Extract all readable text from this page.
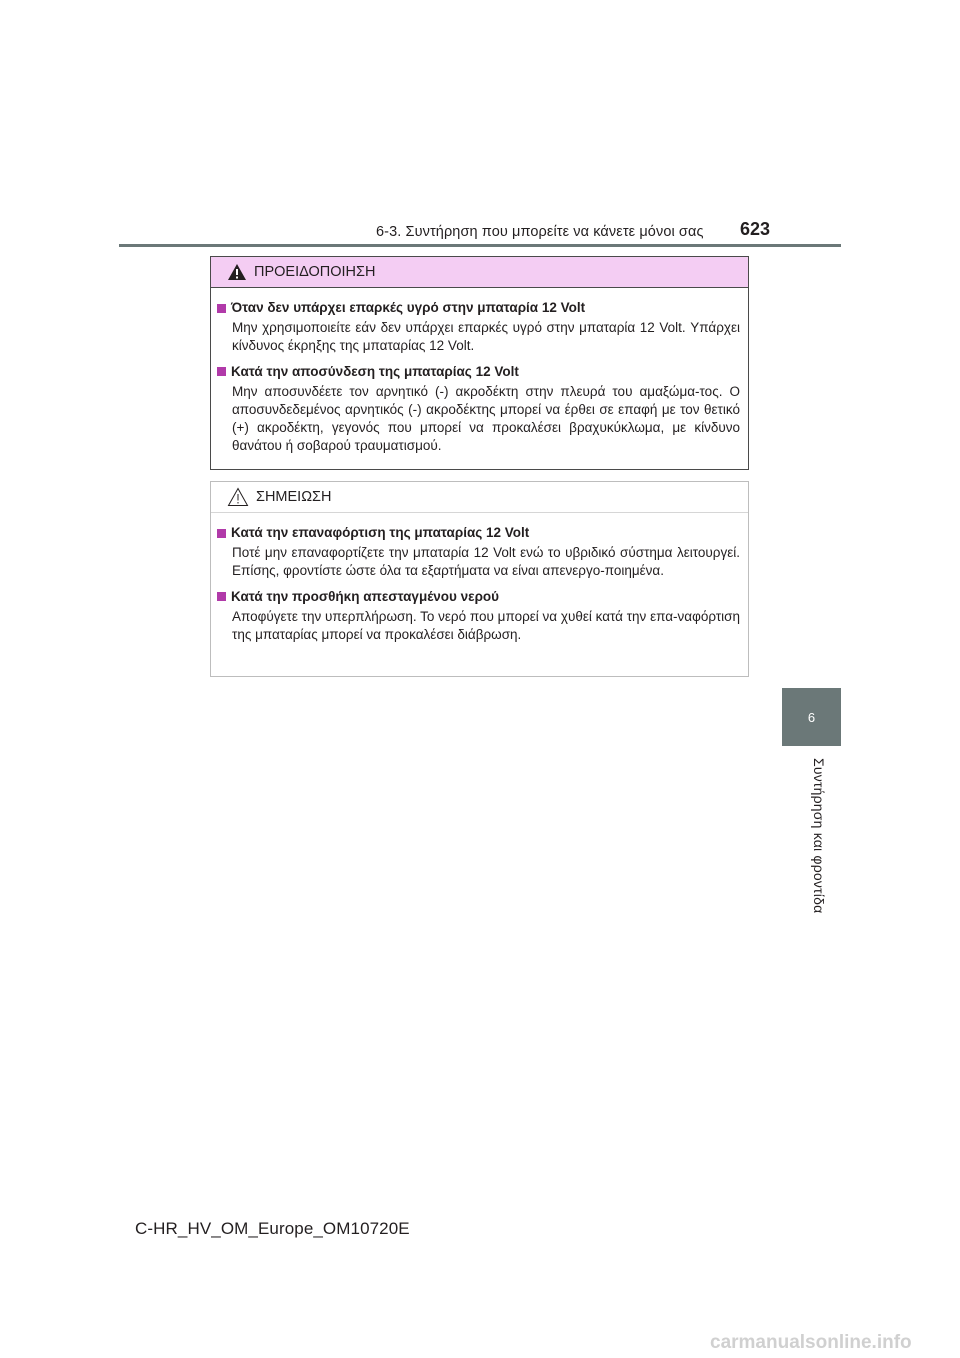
6-3. Συντήρηση που μπορείτε να κάνετε μόνοι σας 623
6
Συντήρηση και φροντίδα
ΠΡΟΕΙΔΟΠΟΙΗΣΗ
Όταν δεν υπάρχει επαρκές υγρό στην μπαταρία 12 Volt
Μην χρησιμοποιείτε εάν δεν υπάρχει επαρκές υγρό στην μπαταρία 12 Volt. Υπάρχει κίνδυνος έκρηξης της μπαταρίας 12 Volt.
Κατά την αποσύνδεση της μπαταρίας 12 Volt
Μην αποσυνδέετε τον αρνητικό (-) ακροδέκτη στην πλευρά του αμαξώμα-τος. Ο αποσυνδεδεμένος αρνητικός (-) ακροδέκτης μπορεί να έρθει σε επαφή με τον θετικό (+) ακροδέκτη, γεγονός που μπορεί να προκαλέσει βραχυκύκλωμα, με κίνδυνο θανάτου ή σοβαρού τραυματισμού.
ΣΗΜΕΙΩΣΗ
Κατά την επαναφόρτιση της μπαταρίας 12 Volt
Ποτέ μην επαναφορτίζετε την μπαταρία 12 Volt ενώ το υβριδικό σύστημα λειτουργεί. Επίσης, φροντίστε ώστε όλα τα εξαρτήματα να είναι απενεργο-ποιημένα.
Κατά την προσθήκη απεσταγμένου νερού
Αποφύγετε την υπερπλήρωση. Το νερό που μπορεί να χυθεί κατά την επα-ναφόρτιση της μπαταρίας μπορεί να προκαλέσει διάβρωση.
C-HR_HV_OM_Europe_OM10720E
carmanualsonline.info
